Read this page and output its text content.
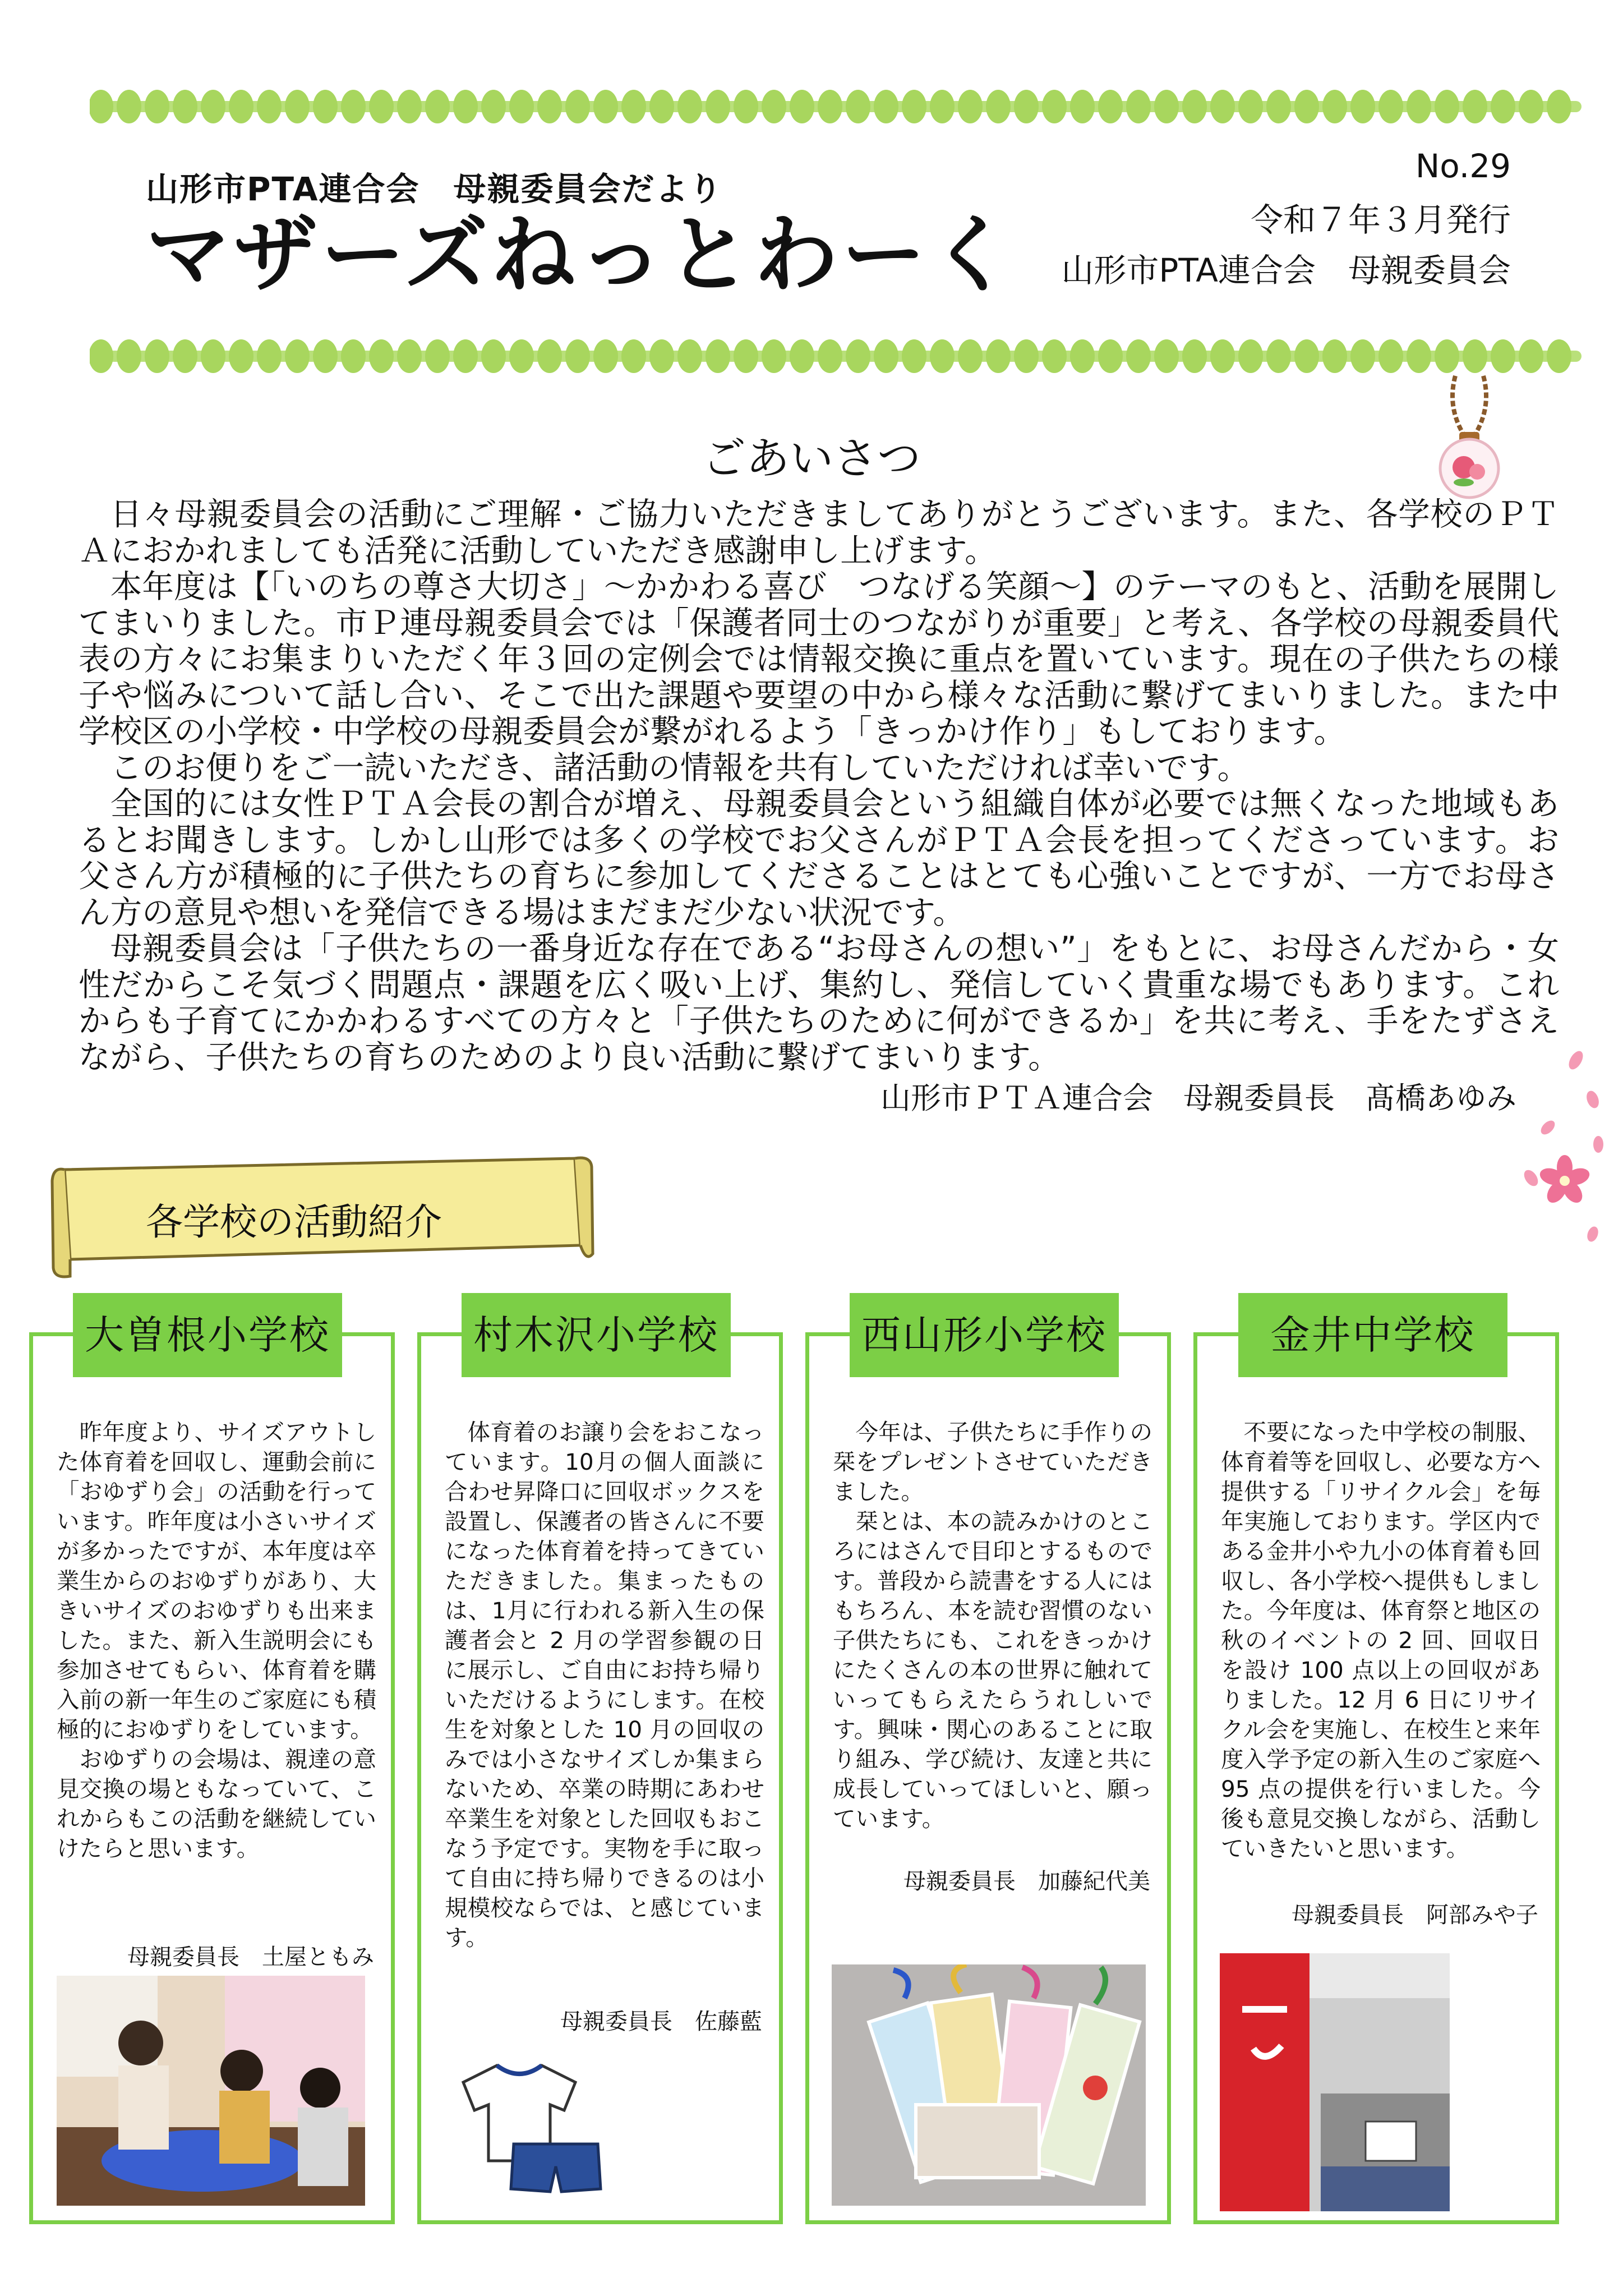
山形市PTA連合会　母親委員会だより
マザーズねっとわーく
No.29
令和７年３月発行
山形市PTA連合会　母親委員会
ごあいさつ

日々母親委員会の活動にご理解・ご協力いただきましてありがとうございます。また、各学校のＰＴＡにおかれましても活発に活動していただき感謝申し上げます。

本年度は【「いのちの尊さ大切さ」～かかわる喜び　つなげる笑顔～】のテーマのもと、活動を展開してまいりました。市Ｐ連母親委員会では「保護者同士のつながりが重要」と考え、各学校の母親委員代表の方々にお集まりいただく年３回の定例会では情報交換に重点を置いています。現在の子供たちの様子や悩みについて話し合い、そこで出た課題や要望の中から様々な活動に繋げてまいりました。また中学校区の小学校・中学校の母親委員会が繋がれるよう「きっかけ作り」もしております。

このお便りをご一読いただき、諸活動の情報を共有していただければ幸いです。

全国的には女性ＰＴＡ会長の割合が増え、母親委員会という組織自体が必要では無くなった地域もあるとお聞きします。しかし山形では多くの学校でお父さんがＰＴＡ会長を担ってくださっています。お父さん方が積極的に子供たちの育ちに参加してくださることはとても心強いことですが、一方でお母さん方の意見や想いを発信できる場はまだまだ少ない状況です。

母親委員会は「子供たちの一番身近な存在である“お母さんの想い”」をもとに、お母さんだから・女性だからこそ気づく問題点・課題を広く吸い上げ、集約し、発信していく貴重な場でもあります。これからも子育てにかかわるすべての方々と「子供たちのために何ができるか」を共に考え、手をたずさえながら、子供たちの育ちのためのより良い活動に繋げてまいります。

山形市ＰＴＡ連合会　母親委員長　髙橋あゆみ
各学校の活動紹介

昨年度より、サイズアウトした体育着を回収し、運動会前に「おゆずり会」の活動を行っています。昨年度は小さいサイズが多かったですが、本年度は卒業生からのおゆずりがあり、大きいサイズのおゆずりも出来ました。また、新入生説明会にも参加させてもらい、体育着を購入前の新一年生のご家庭にも積極的におゆずりをしています。

おゆずりの会場は、親達の意見交換の場ともなっていて、これからもこの活動を継続していけたらと思います。

母親委員長　土屋ともみ
大曽根小学校

体育着のお譲り会をおこなっています。10月の個人面談に合わせ昇降口に回収ボックスを設置し、保護者の皆さんに不要になった体育着を持ってきていただきました。集まったものは、1月に行われる新入生の保護者会と 2 月の学習参観の日に展示し、ご自由にお持ち帰りいただけるようにします。在校生を対象とした 10 月の回収のみでは小さなサイズしか集まらないため、卒業の時期にあわせ卒業生を対象とした回収もおこなう予定です。実物を手に取って自由に持ち帰りできるのは小規模校ならでは、と感じています。

母親委員長　佐藤藍
村木沢小学校

今年は、子供たちに手作りの栞をプレゼントさせていただきました。

栞とは、本の読みかけのところにはさんで目印とするものです。普段から読書をする人にはもちろん、本を読む習慣のない子供たちにも、これをきっかけにたくさんの本の世界に触れていってもらえたらうれしいです。興味・関心のあることに取り組み、学び続け、友達と共に成長していってほしいと、願っています。

母親委員長　加藤紀代美
西山形小学校

不要になった中学校の制服、体育着等を回収し、必要な方へ提供する「リサイクル会」を毎年実施しております。学区内である金井小や九小の体育着も回収し、各小学校へ提供もしました。今年度は、体育祭と地区の秋のイベントの 2 回、回収日を設け 100 点以上の回収がありました。12 月 6 日にリサイクル会を実施し、在校生と来年度入学予定の新入生のご家庭へ 95 点の提供を行いました。今後も意見交換しながら、活動していきたいと思います。

母親委員長　阿部みや子
金井中学校
